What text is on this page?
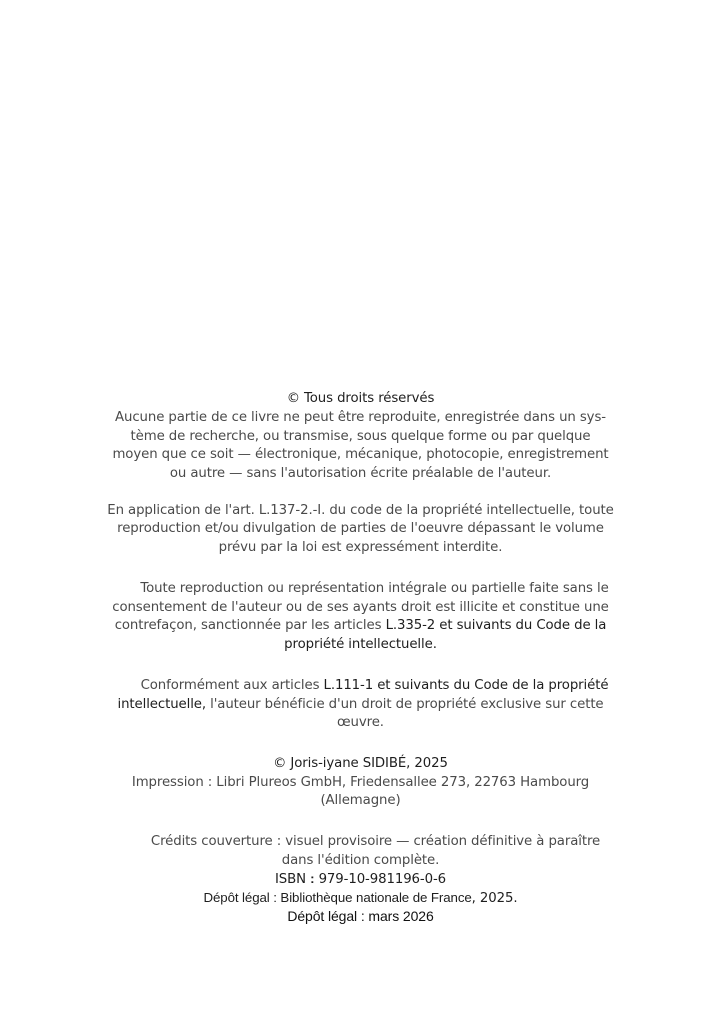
© Tous droits réservés
Aucune partie de ce livre ne peut être reproduite, enregistrée dans un sys-
tème de recherche, ou transmise, sous quelque forme ou par quelque
moyen que ce soit — électronique, mécanique, photocopie, enregistrement
ou autre — sans l'autorisation écrite préalable de l'auteur.
En application de l'art. L.137-2.-I. du code de la propriété intellectuelle, toute
reproduction et/ou divulgation de parties de l'oeuvre dépassant le volume
prévu par la loi est expressément interdite.
Toute reproduction ou représentation intégrale ou partielle faite sans le
consentement de l'auteur ou de ses ayants droit est illicite et constitue une
contrefaçon, sanctionnée par les articles L.335-2 et suivants du Code de la
propriété intellectuelle.
Conformément aux articles L.111-1 et suivants du Code de la propriété
intellectuelle, l'auteur bénéficie d'un droit de propriété exclusive sur cette
œuvre.
© Joris-iyane SIDIBÉ, 2025
Impression : Libri Plureos GmbH, Friedensallee 273, 22763 Hambourg
(Allemagne)
Crédits couverture : visuel provisoire — création définitive à paraître
dans l'édition complète.
ISBN : 979-10-981196-0-6
Dépôt légal : Bibliothèque nationale de France, 2025.
Dépôt légal : mars 2026
